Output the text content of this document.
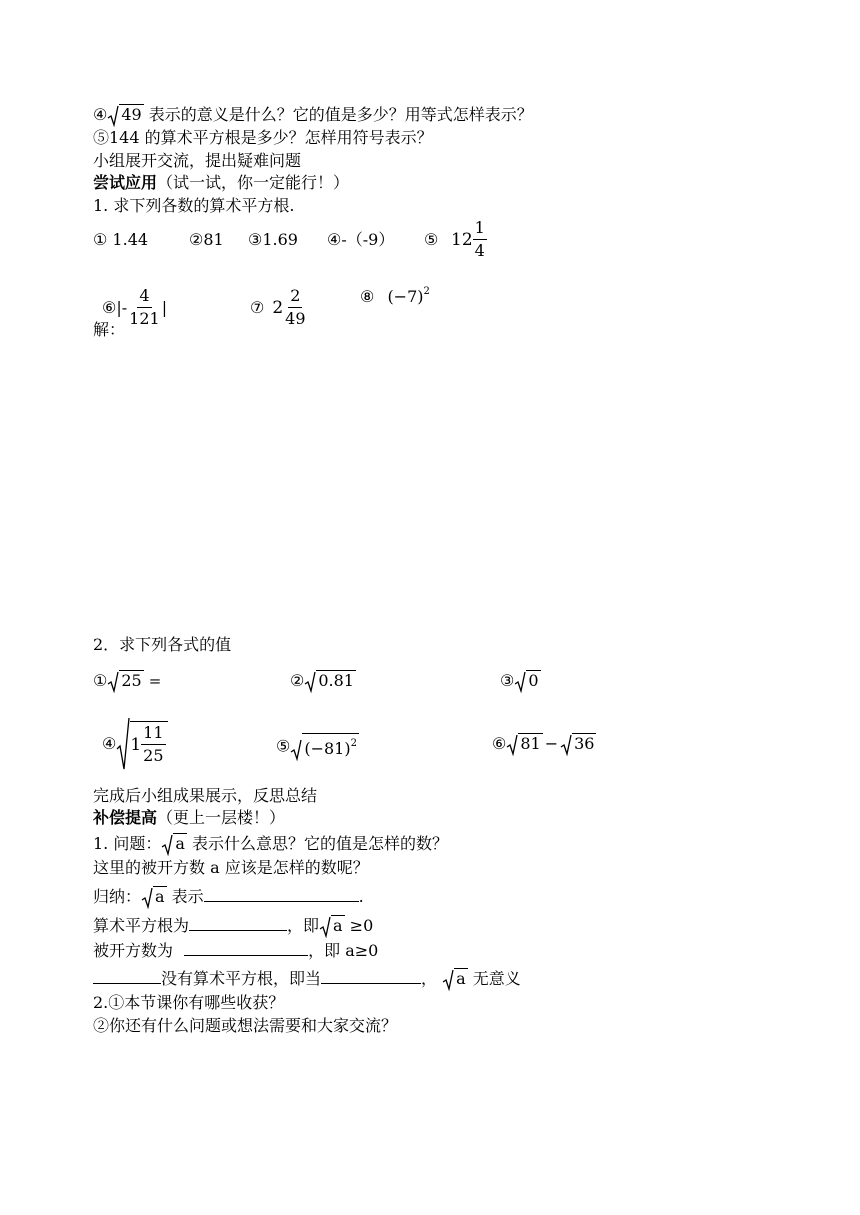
④ 49 表示的意义是什么？它的值是多少？用等式怎样表示？
⑤144 的算术平方根是多少？怎样用符号表示？
小组展开交流，提出疑难问题
尝试应用（试一试，你一定能行！）
1. 求下列各数的算术平方根.
① 1.44	②81 ③1.69 ④-（-9） ⑤ $12 \frac{1}{4}$
⑥|- $\frac{4}{121}$ |	⑦ $2 \frac{2}{49}$	⑧ $(-7)^2$
解：
2．求下列各式的值
① 25 =	② 0.81	③ 0
④ $1 \frac{11}{25}$	⑤ $(-81)^2$	⑥ 81 − 36
完成后小组成果展示，反思总结
补偿提高（更上一层楼！）
1. 问题： a 表示什么意思？它的值是怎样的数？
这里的被开方数 a 应该是怎样的数呢？
归纳： a 表示	.
算术平方根为	，即 a ≥0
被开方数为	，即 a≥0
没有算术平方根，即当	， a 无意义
2.①本节课你有哪些收获？
②你还有什么问题或想法需要和大家交流？
